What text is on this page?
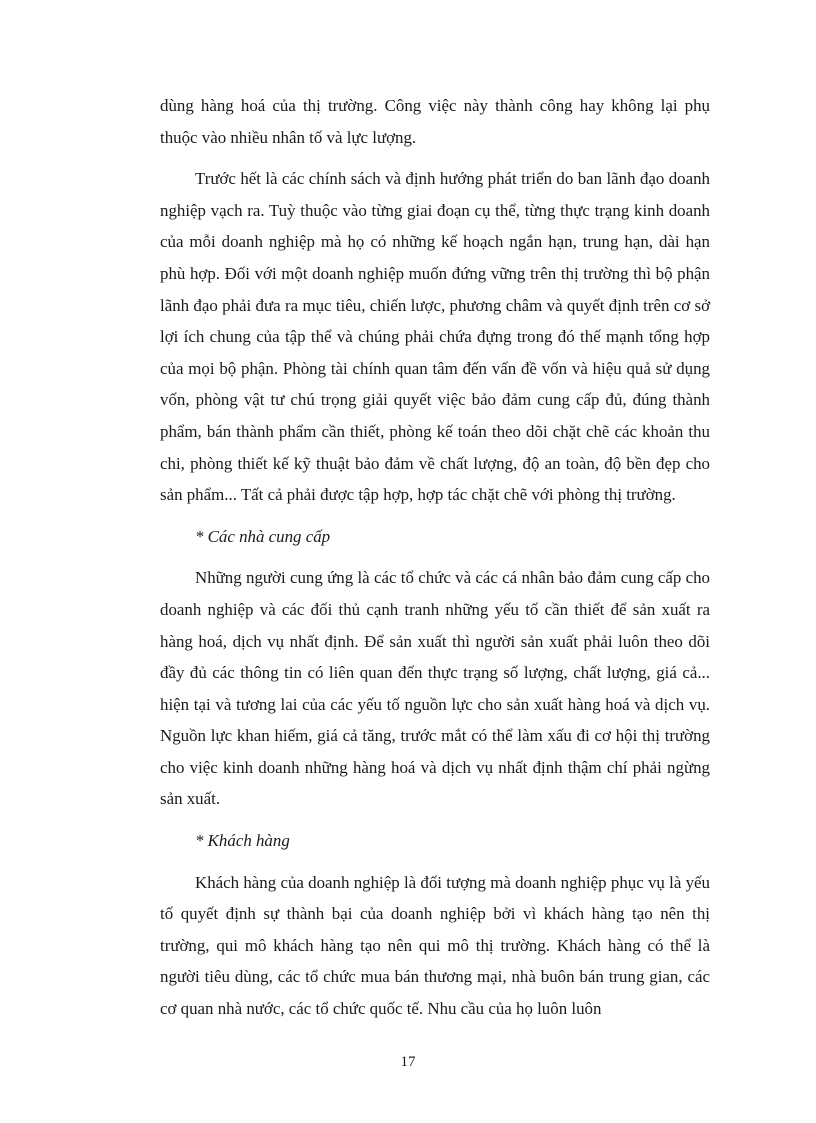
dùng hàng hoá của thị trường. Công việc này thành công hay không lại phụ thuộc vào nhiều nhân tố và lực lượng.

Trước hết là các chính sách và định hướng phát triển do ban lãnh đạo doanh nghiệp vạch ra. Tuỳ thuộc vào từng giai đoạn cụ thể, từng thực trạng kinh doanh của mỗi doanh nghiệp mà họ có những kế hoạch ngắn hạn, trung hạn, dài hạn phù hợp. Đối với một doanh nghiệp muốn đứng vững trên thị trường thì bộ phận lãnh đạo phải đưa ra mục tiêu, chiến lược, phương châm và quyết định trên cơ sở lợi ích chung của tập thể và chúng phải chứa đựng trong đó thế mạnh tổng hợp của mọi bộ phận. Phòng tài chính quan tâm đến vấn đề vốn và hiệu quả sử dụng vốn, phòng vật tư chú trọng giải quyết việc bảo đảm cung cấp đủ, đúng thành phẩm, bán thành phẩm cần thiết, phòng kế toán theo dõi chặt chẽ các khoản thu chi, phòng thiết kế kỹ thuật bảo đảm về chất lượng, độ an toàn, độ bền đẹp cho sản phẩm... Tất cả phải được tập hợp, hợp tác chặt chẽ với phòng thị trường.

* Các nhà cung cấp

Những người cung ứng là các tổ chức và các cá nhân bảo đảm cung cấp cho doanh nghiệp và các đối thủ cạnh tranh những yếu tố cần thiết để sản xuất ra hàng hoá, dịch vụ nhất định. Để sản xuất thì người sản xuất phải luôn theo dõi đầy đủ các thông tin có liên quan đến thực trạng số lượng, chất lượng, giá cả... hiện tại và tương lai của các yếu tố nguồn lực cho sản xuất hàng hoá và dịch vụ. Nguồn lực khan hiếm, giá cả tăng, trước mắt có thể làm xấu đi cơ hội thị trường cho việc kinh doanh những hàng hoá và dịch vụ nhất định thậm chí phải ngừng sản xuất.

* Khách hàng

Khách hàng của doanh nghiệp là đối tượng mà doanh nghiệp phục vụ là yếu tố quyết định sự thành bại của doanh nghiệp bởi vì khách hàng tạo nên thị trường, qui mô khách hàng tạo nên qui mô thị trường. Khách hàng có thể là người tiêu dùng, các tổ chức mua bán thương mại, nhà buôn bán trung gian, các cơ quan nhà nước, các tổ chức quốc tế. Nhu cầu của họ luôn luôn

17
